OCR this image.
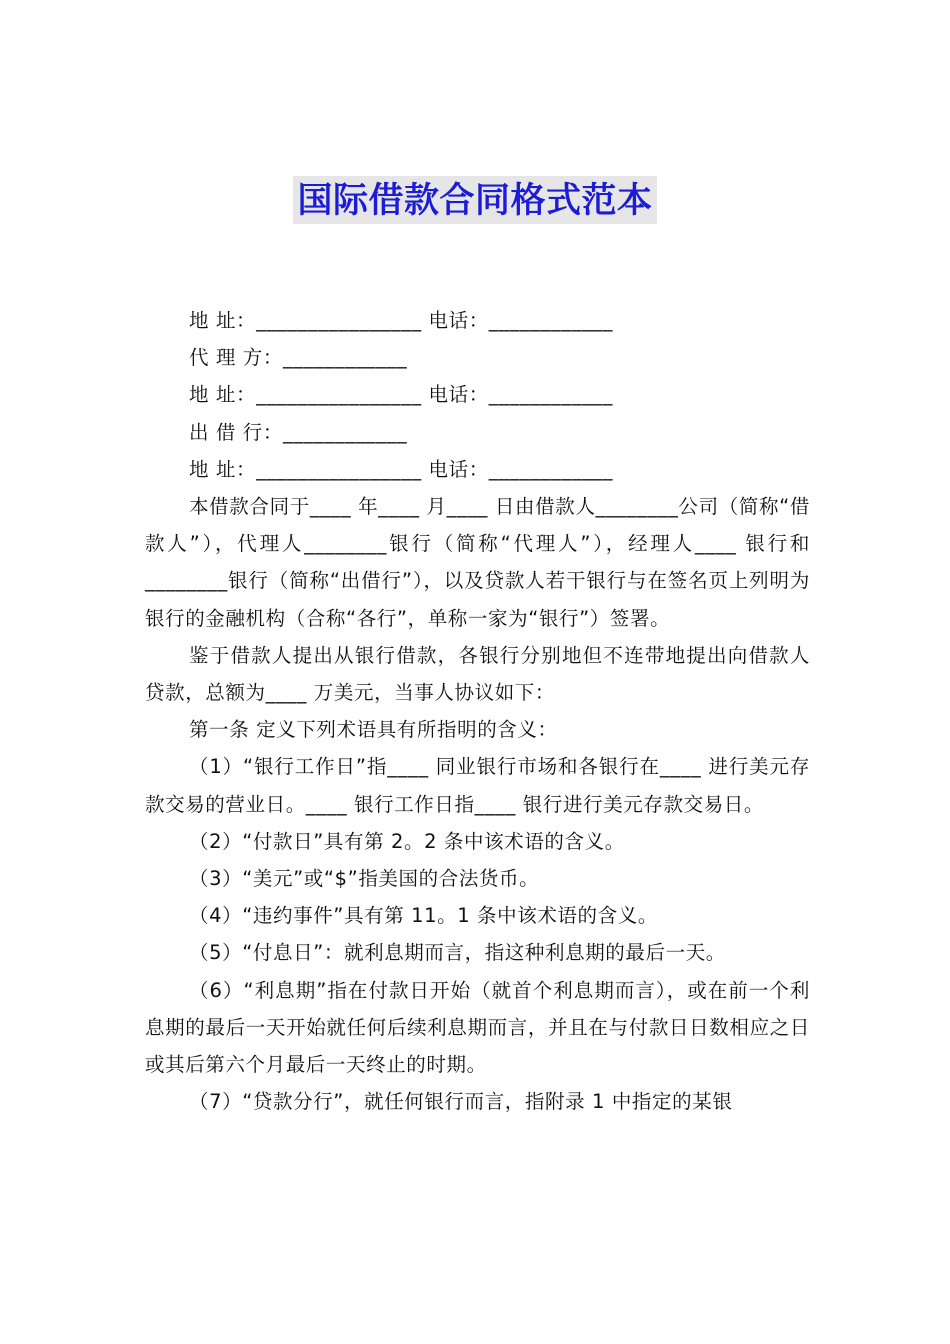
国际借款合同格式范本

地 址：________________ 电话：____________

代 理 方：____________

地 址：________________ 电话：____________

出 借 行：____________

地 址：________________ 电话：____________

本借款合同于____ 年____ 月____ 日由借款人________公司（简称“借款人”），代理人________银行（简称“代理人”），经理人____ 银行和________银行（简称“出借行”），以及贷款人若干银行与在签名页上列明为银行的金融机构（合称“各行”，单称一家为“银行”）签署。

鉴于借款人提出从银行借款，各银行分别地但不连带地提出向借款人贷款，总额为____ 万美元，当事人协议如下：

第一条 定义下列术语具有所指明的含义：

（1）“银行工作日”指____ 同业银行市场和各银行在____ 进行美元存款交易的营业日。____ 银行工作日指____ 银行进行美元存款交易日。

（2）“付款日”具有第 2。2 条中该术语的含义。

（3）“美元”或“$”指美国的合法货币。

（4）“违约事件”具有第 11。1 条中该术语的含义。

（5）“付息日”：就利息期而言，指这种利息期的最后一天。

（6）“利息期”指在付款日开始（就首个利息期而言），或在前一个利息期的最后一天开始就任何后续利息期而言，并且在与付款日日数相应之日或其后第六个月最后一天终止的时期。

（7）“贷款分行”，就任何银行而言，指附录 1 中指定的某银
